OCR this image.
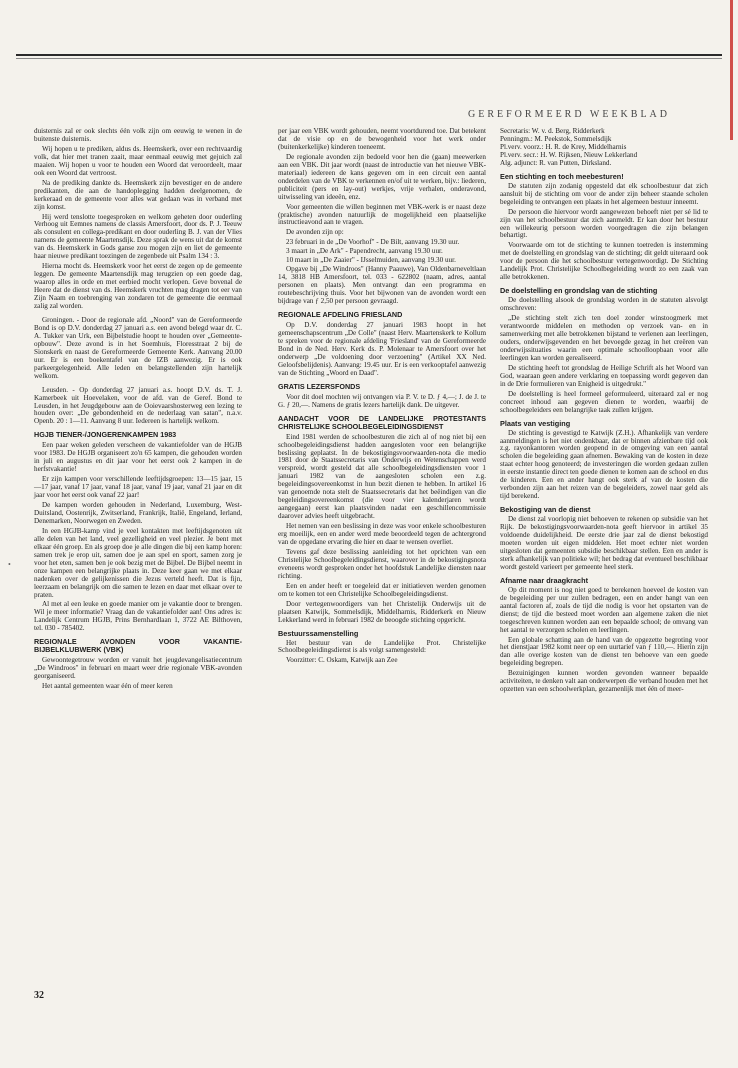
GEREFORMEERD WEEKBLAD
•

duisternis zal er ook slechts één volk zijn om eeuwig te wenen in de buitenste duisternis.

Wij hopen u te prediken, aldus ds. Heemskerk, over een rechtvaardig volk, dat hier met tranen zaait, maar eenmaal eeuwig met gejuich zal maaien. Wij hopen u voor te houden een Woord dat veroordeelt, maar ook een Woord dat vertroost.

Na de prediking dankte ds. Heemskerk zijn bevestiger en de andere predikanten, die aan de handoplegging hadden deelgenomen, de kerkeraad en de gemeente voor alles wat gedaan was in verband met zijn komst.

Hij werd tenslotte toegesproken en welkom geheten door ouderling Verhoog uit Eemnes namens de classis Amersfoort, door ds. P. J. Teeuw als consulent en collega-predikant en door ouderling B. J. van der Vlies namens de gemeente Maartensdijk. Deze sprak de wens uit dat de komst van ds. Heemskerk in Gods ganse zou mogen zijn en liet de gemeente haar nieuwe predikant toezingen de zegenbede uit Psalm 134 : 3.

Hierna mocht ds. Heemskerk voor het eerst de zegen op de gemeente leggen. De gemeente Maartensdijk mag terugzien op een goede dag, waarop alles in orde en met eerbied mocht verlopen. Geve bovenal de Heere dat de dienst van ds. Heemskerk vruchten mag dragen tot eer van Zijn Naam en toebrenging van zondaren tot de gemeente die eenmaal zalig zal worden.

Groningen. - Door de regionale afd. „Noord" van de Gereformeerde Bond is op D.V. donderdag 27 januari a.s. een avond belegd waar dr. C. A. Tukker van Urk, een Bijbelstudie hoopt te houden over „Gemeente-opbouw". Deze avond is in het Soemhuis, Floresstraat 2 bij de Sionskerk en naast de Gereformeerde Gemeente Kerk. Aanvang 20.00 uur. Er is een boekentafel van de IZB aanwezig. Er is ook parkeergelegenheid. Alle leden en belangstellenden zijn hartelijk welkom.

Leusden. - Op donderdag 27 januari a.s. hoopt D.V. ds. T. J. Kamerbeek uit Hoevelaken, voor de afd. van de Geref. Bond te Leusden, in het Jeugdgebouw aan de Ooievaarshosterweg een lezing te houden over: „De gebondenheid en de nederlaag van satan", n.a.v. Openb. 20 : 1—11. Aanvang 8 uur. Iedereen is hartelijk welkom.

HGJB TIENER-/JONGERENKAMPEN 1983

Een paar weken geleden verscheen de vakantiefolder van de HGJB voor 1983. De HGJB organiseert zo'n 65 kampen, die gehouden worden in juli en augustus en dit jaar voor het eerst ook 2 kampen in de herfstvakantie!

Er zijn kampen voor verschillende leeftijdsgroepen: 13—15 jaar, 15—17 jaar, vanaf 17 jaar, vanaf 18 jaar, vanaf 19 jaar, vanaf 21 jaar en dit jaar voor het eerst ook vanaf 22 jaar!

De kampen worden gehouden in Nederland, Luxemburg, West-Duitsland, Oostenrijk, Zwitserland, Frankrijk, Italië, Engeland, Ierland, Denemarken, Noorwegen en Zweden.

In een HGJB-kamp vind je veel kontakten met leeftijdsgenoten uit alle delen van het land, veel gezelligheid en veel plezier. Je bent met elkaar één groep. En als groep doe je alle dingen die bij een kamp horen: samen trek je erop uit, samen doe je aan spel en sport, samen zorg je voor het eten, samen ben je ook bezig met de Bijbel. De Bijbel neemt in onze kampen een belangrijke plaats in. Deze keer gaan we met elkaar nadenken over de gelijkenissen die Jezus verteld heeft. Dat is fijn, leerzaam en belangrijk om die samen te lezen en daar met elkaar over te praten.

Al met al een leuke en goede manier om je vakantie door te brengen. Wil je meer informatie? Vraag dan de vakantiefolder aan! Ons adres is: Landelijk Centrum HGJB, Prins Bernhardlaan 1, 3722 AE Bilthoven, tel. 030 - 785402.

REGIONALE AVONDEN VOOR VAKANTIE-BIJBELKLUBWERK (VBK)

Gewoontegetrouw worden er vanuit het jeugdevangelisatiecentrum „De Windroos" in februari en maart weer drie regionale VBK-avonden georganiseerd.

Het aantal gemeenten waar één of meer keren

per jaar een VBK wordt gehouden, neemt voortdurend toe. Dat betekent dat de visie op en de bewogenheid voor het werk onder (buitenkerkelijke) kinderen toeneemt.

De regionale avonden zijn bedoeld voor hen die (gaan) meewerken aan een VBK. Dit jaar wordt (naast de introductie van het nieuwe VBK-materiaal) iedereen de kans gegeven om in een circuit een aantal onderdelen van de VBK te verkennen en/of uit te werken, bijv.: liederen, publiciteit (pers en lay-out) werkjes, vrije verhalen, onderavond, uitwisseling van ideeën, enz.

Voor gemeenten die willen beginnen met VBK-werk is er naast deze (praktische) avonden natuurlijk de mogelijkheid een plaatselijke instructieavond aan te vragen.

De avonden zijn op:

23 februari in de „De Voorhof" - De Bilt, aanvang 19.30 uur.

3 maart in „De Ark" - Papendrecht, aanvang 19.30 uur.

10 maart in „De Zaaier" - IJsselmuiden, aanvang 19.30 uur.

Opgave bij „De Windroos" (Hanny Paauwe), Van Oldenbarneveltlaan 14, 3818 HB Amersfoort, tel. 033 - 622802 (naam, adres, aantal personen en plaats). Men ontvangt dan een programma en routebeschrijving thuis. Voor het bijwonen van de avonden wordt een bijdrage van ƒ 2,50 per persoon gevraagd.

REGIONALE AFDELING FRIESLAND

Op D.V. donderdag 27 januari 1983 hoopt in het gemeenschapscentrum „De Colle" (naast Herv. Maartenskerk te Kollum te spreken voor de regionale afdeling 'Friesland' van de Gereformeerde Bond in de Ned. Herv. Kerk ds. P. Molenaar te Amersfoort over het onderwerp „De voldoening door verzoening" (Artikel XX Ned. Geloofsbelijdenis). Aanvang: 19.45 uur. Er is een verkooptafel aanwezig van de Stichting „Woord en Daad".

GRATIS LEZERSFONDS

Voor dit doel mochten wij ontvangen via P. V. te D. ƒ 4,—; J. de J. te G. ƒ 20,—. Namens de gratis lezers hartelijk dank. De uitgever.

AANDACHT VOOR DE LANDELIJKE PROTESTANTS CHRISTELIJKE SCHOOLBEGELEIDINGSDIENST

Eind 1981 werden de schoolbesturen die zich al of nog niet bij een schoolbegeleidingsdienst hadden aangesloten voor een belangrijke beslissing geplaatst. In de bekostigingsvoorwaarden-nota die medio 1981 door de Staatssecretaris van Onderwijs en Wetenschappen werd verspreid, wordt gesteld dat alle schoolbegeleidingsdiensten voor 1 januari 1982 van de aangesloten scholen een z.g. begeleidingsovereenkomst in hun bezit dienen te hebben. In artikel 16 van genoemde nota stelt de Staatssecretaris dat het beëindigen van die begeleidingsovereenkomst (die voor vier kalenderjaren wordt aangegaan) eerst kan plaatsvinden nadat een geschillencommissie daarover advies heeft uitgebracht.

Het nemen van een beslissing in deze was voor enkele schoolbesturen erg moeilijk, een en ander werd mede beoordeeld tegen de achtergrond van de opgedane ervaring die hier en daar te wensen overliet.

Tevens gaf deze beslissing aanleiding tot het oprichten van een Christelijke Schoolbegeleidingsdienst, waarover in de bekostigingsnota eveneens wordt gesproken onder het hoofdstuk Landelijke diensten naar richting.

Een en ander heeft er toegeleid dat er initiatieven werden genomen om te komen tot een Christelijke Schoolbegeleidingsdienst.

Door vertegenwoordigers van het Christelijk Onderwijs uit de plaatsen Katwijk, Sommelsdijk, Middelharnis, Ridderkerk en Nieuw Lekkerland werd in februari 1982 de beoogde stichting opgericht.

Bestuurssamenstelling

Het bestuur van de Landelijke Prot. Christelijke Schoolbegeleidingsdienst is als volgt samengesteld:

Voorzitter: C. Oskam, Katwijk aan Zee

Secretaris: W. v. d. Berg, Ridderkerk

Penningm.: M. Peekstok, Sommelsdijk

Pl.verv. voorz.: H. R. de Krey, Middelharnis

Pl.verv. secr.: H. W. Rijksen, Nieuw Lekkerland

Alg. adjunct: R. van Putten, Dirksland.

Een stichting en toch meebesturen!

De statuten zijn zodanig opgesteld dat elk schoolbestuur dat zich aansluit bij de stichting om voor de ander zijn beheer staande scholen begeleiding te ontvangen een plaats in het algemeen bestuur inneemt.

De persoon die hiervoor wordt aangewezen behoeft niet per sé lid te zijn van het schoolbestuur dat zich aanmeldt. Er kan door het bestuur een willekeurig persoon worden voorgedragen die zijn belangen behartigt.

Voorwaarde om tot de stichting te kunnen toetreden is instemming met de doelstelling en grondslag van de stichting; dit geldt uiteraard ook voor de persoon die het schoolbestuur vertegenwoordigt. De Stichting Landelijk Prot. Christelijke Schoolbegeleiding wordt zo een zaak van alle betrokkenen.

De doelstelling en grondslag van de stichting

De doelstelling alsook de grondslag worden in de statuten alsvolgt omschreven:

„De stichting stelt zich ten doel zonder winstoogmerk met verantwoorde middelen en methoden op verzoek van- en in samenwerking met alle betrokkenen bijstand te verlenen aan leerlingen, ouders, onderwijsgevenden en het bevoegde gezag in het creëren van onderwijssituaties waarin een optimale schoolloopbaan voor alle leerlingen kan worden gerealiseerd.

De stichting heeft tot grondslag de Heilige Schrift als het Woord van God, waaraan geen andere verklaring en toepassing wordt gegeven dan in de Drie formulieren van Enigheid is uitgedrukt."

De doelstelling is heel formeel geformuleerd, uiteraard zal er nog concreet inhoud aan gegeven dienen te worden, waarbij de schoolbegeleiders een belangrijke taak zullen krijgen.

Plaats van vestiging

De stichting is gevestigd te Katwijk (Z.H.). Afhankelijk van verdere aanmeldingen is het niet ondenkbaar, dat er binnen afzienbare tijd ook z.g. rayonkantoren worden geopend in de omgeving van een aantal scholen die begeleiding gaan afnemen. Bewaking van de kosten in deze staat echter hoog genoteerd; de investeringen die worden gedaan zullen in eerste instantie direct ten goede dienen te komen aan de school en dus de kinderen. Een en ander hangt ook sterk af van de kosten die verbonden zijn aan het reizen van de begeleiders, zowel naar geld als tijd berekend.

Bekostiging van de dienst

De dienst zal voorlopig niet behoeven te rekenen op subsidie van het Rijk. De bekostigingsvoorwaarden-nota geeft hiervoor in artikel 35 voldoende duidelijkheid. De eerste drie jaar zal de dienst bekostigd moeten worden uit eigen middelen. Het moet echter niet worden uitgesloten dat gemeenten subsidie beschikbaar stellen. Een en ander is sterk afhankelijk van politieke wil; het bedrag dat eventueel beschikbaar wordt gesteld varieert per gemeente heel sterk.

Afname naar draagkracht

Op dit moment is nog niet goed te berekenen hoeveel de kosten van de begeleiding per uur zullen bedragen, een en ander hangt van een aantal factoren af, zoals de tijd die nodig is voor het opstarten van de dienst; de tijd die besteed moet worden aan algemene zaken die niet toegeschreven kunnen worden aan een bepaalde school; de omvang van het aantal te verzorgen scholen en leerlingen.

Een globale schatting aan de hand van de opgezette begroting voor het dienstjaar 1982 komt neer op een uurtarief van ƒ 110,—. Hierin zijn dan alle overige kosten van de dienst ten behoeve van een goede begeleiding begrepen.

Bezuinigingen kunnen worden gevonden wanneer bepaalde activiteiten, te denken valt aan onderwerpen die verband houden met het opzetten van een schoolwerkplan, gezamenlijk met één of meer-

32
